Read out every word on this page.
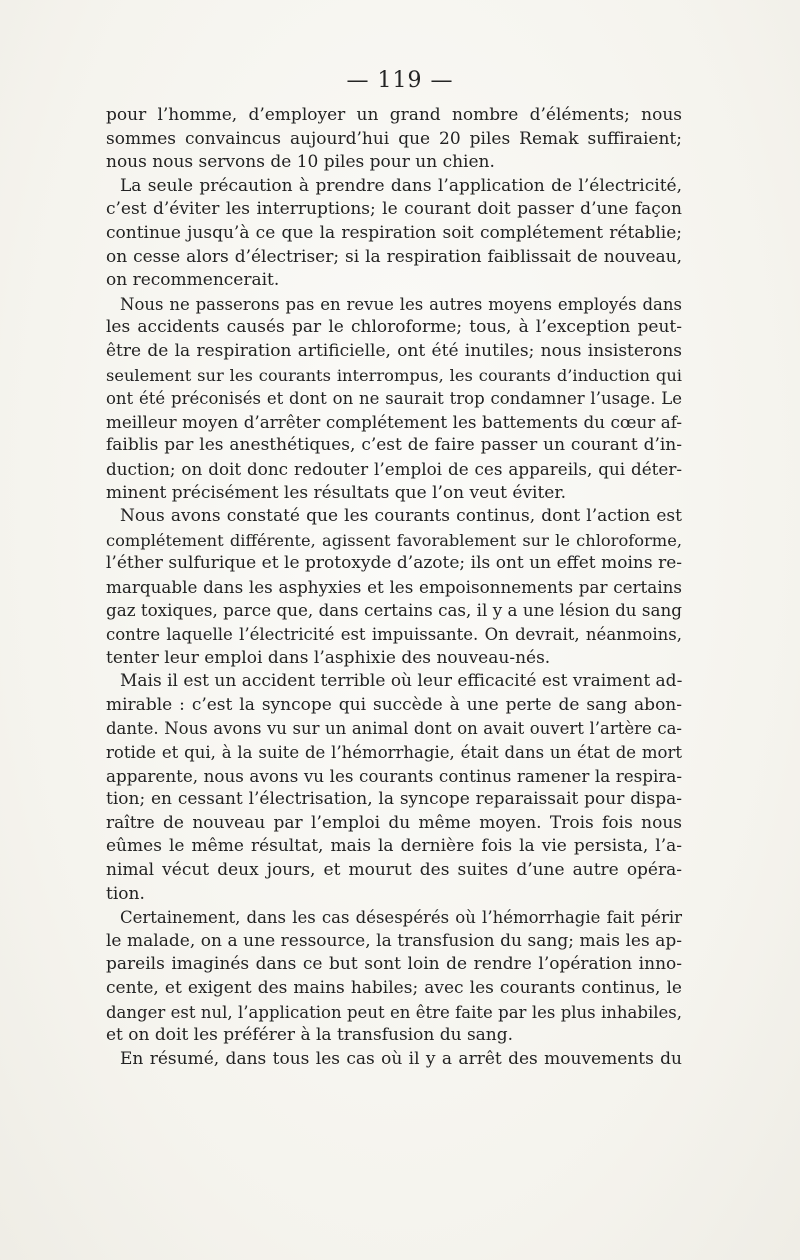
— 119 —
pour l’homme, d’employer un grand nombre d’éléments; nous
sommes convaincus aujourd’hui que 20 piles Remak suffiraient;
nous nous servons de 10 piles pour un chien.
La seule précaution à prendre dans l’application de l’électricité,
c’est d’éviter les interruptions; le courant doit passer d’une façon
continue jusqu’à ce que la respiration soit complétement rétablie;
on cesse alors d’électriser; si la respiration faiblissait de nouveau,
on recommencerait.
Nous ne passerons pas en revue les autres moyens employés dans
les accidents causés par le chloroforme; tous, à l’exception peut-
être de la respiration artificielle, ont été inutiles; nous insisterons
seulement sur les courants interrompus, les courants d’induction qui
ont été préconisés et dont on ne saurait trop condamner l’usage. Le
meilleur moyen d’arrêter complétement les battements du cœur af-
faiblis par les anesthétiques, c’est de faire passer un courant d’in-
duction; on doit donc redouter l’emploi de ces appareils, qui déter-
minent précisément les résultats que l’on veut éviter.
Nous avons constaté que les courants continus, dont l’action est
complétement différente, agissent favorablement sur le chloroforme,
l’éther sulfurique et le protoxyde d’azote; ils ont un effet moins re-
marquable dans les asphyxies et les empoisonnements par certains
gaz toxiques, parce que, dans certains cas, il y a une lésion du sang
contre laquelle l’électricité est impuissante. On devrait, néanmoins,
tenter leur emploi dans l’asphixie des nouveau-nés.
Mais il est un accident terrible où leur efficacité est vraiment ad-
mirable : c’est la syncope qui succède à une perte de sang abon-
dante. Nous avons vu sur un animal dont on avait ouvert l’artère ca-
rotide et qui, à la suite de l’hémorrhagie, était dans un état de mort
apparente, nous avons vu les courants continus ramener la respira-
tion; en cessant l’électrisation, la syncope reparaissait pour dispa-
raître de nouveau par l’emploi du même moyen. Trois fois nous
eûmes le même résultat, mais la dernière fois la vie persista, l’a-
nimal vécut deux jours, et mourut des suites d’une autre opéra-
tion.
Certainement, dans les cas désespérés où l’hémorrhagie fait périr
le malade, on a une ressource, la transfusion du sang; mais les ap-
pareils imaginés dans ce but sont loin de rendre l’opération inno-
cente, et exigent des mains habiles; avec les courants continus, le
danger est nul, l’application peut en être faite par les plus inhabiles,
et on doit les préférer à la transfusion du sang.
En résumé, dans tous les cas où il y a arrêt des mouvements du
